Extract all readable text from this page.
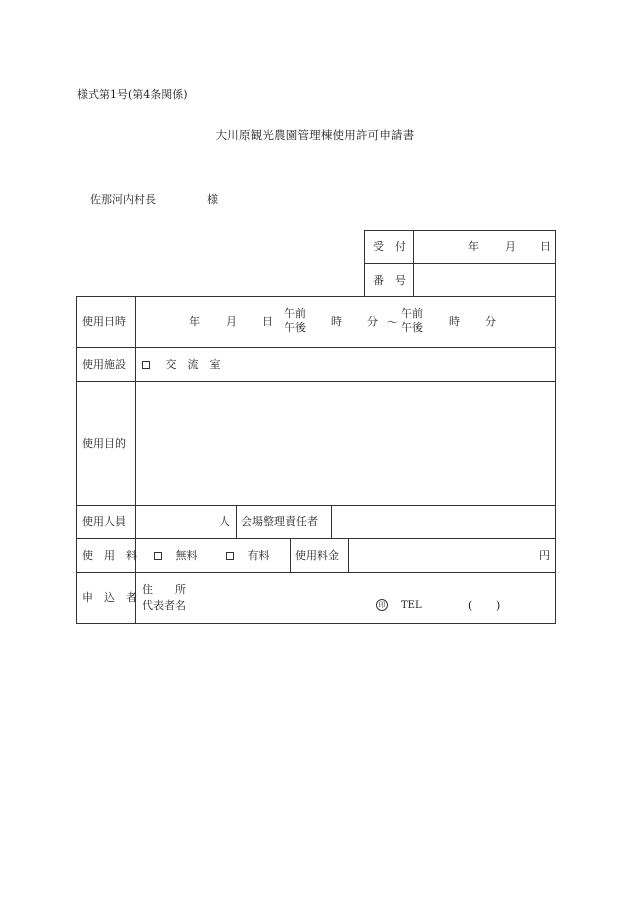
様式第1号(第4条関係)
大川原観光農園管理棟使用許可申請書
佐那河内村長	様
受　付	年 月 日
番　号
使用日時	年 月 日
午前
午後 時 分 ～
午前
午後 時 分
使用施設	交　流　室
使用目的
使用人員	人 会場整理責任者
使　用　料	無料	有料 使用料金	円
申　込　者
住　　所
代表者名	印 TEL	( )
